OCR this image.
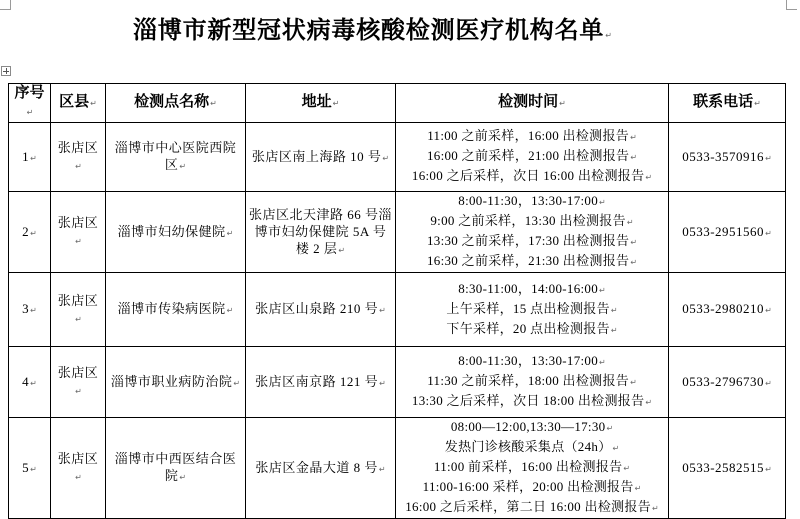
淄博市新型冠状病毒核酸检测医疗机构名单 ↵
序号 ↵	区县 ↵	检测点名称 ↵	地址 ↵	检测时间 ↵	联系电话 ↵
1 ↵	张店区 ↵	淄博市中心医院西院区 ↵	张店区南上海路 10 号 ↵	11:00 之前采样，16:00 出检测报告 ↵
16:00 之前采样，21:00 出检测报告 ↵
16:00 之后采样，次日 16:00 出检测报告 ↵	0533-3570916 ↵
2 ↵	张店区 ↵	淄博市妇幼保健院 ↵	张店区北天津路 66 号淄博市妇幼保健院 5A 号楼 2 层 ↵	8:00-11:30，13:30-17:00 ↵
9:00 之前采样，13:30 出检测报告 ↵
13:30 之前采样，17:30 出检测报告 ↵
16:30 之前采样，21:30 出检测报告 ↵	0533-2951560 ↵
3 ↵	张店区 ↵	淄博市传染病医院 ↵	张店区山泉路 210 号 ↵	8:30-11:00，14:00-16:00 ↵
上午采样，15 点出检测报告 ↵
下午采样，20 点出检测报告 ↵	0533-2980210 ↵
4 ↵	张店区 ↵	淄博市职业病防治院 ↵	张店区南京路 121 号 ↵	8:00-11:30，13:30-17:00 ↵
11:30 之前采样，18:00 出检测报告 ↵
13:30 之后采样，次日 18:00 出检测报告 ↵	0533-2796730 ↵
5 ↵	张店区 ↵	淄博市中西医结合医院 ↵	张店区金晶大道 8 号 ↵	08:00—12:00,13:30—17:30 ↵
发热门诊核酸采集点（24h） ↵
11:00 前采样，16:00 出检测报告 ↵
11:00-16:00 采样，20:00 出检测报告 ↵
16:00 之后采样，第二日 16:00 出检测报告 ↵	0533-2582515 ↵
